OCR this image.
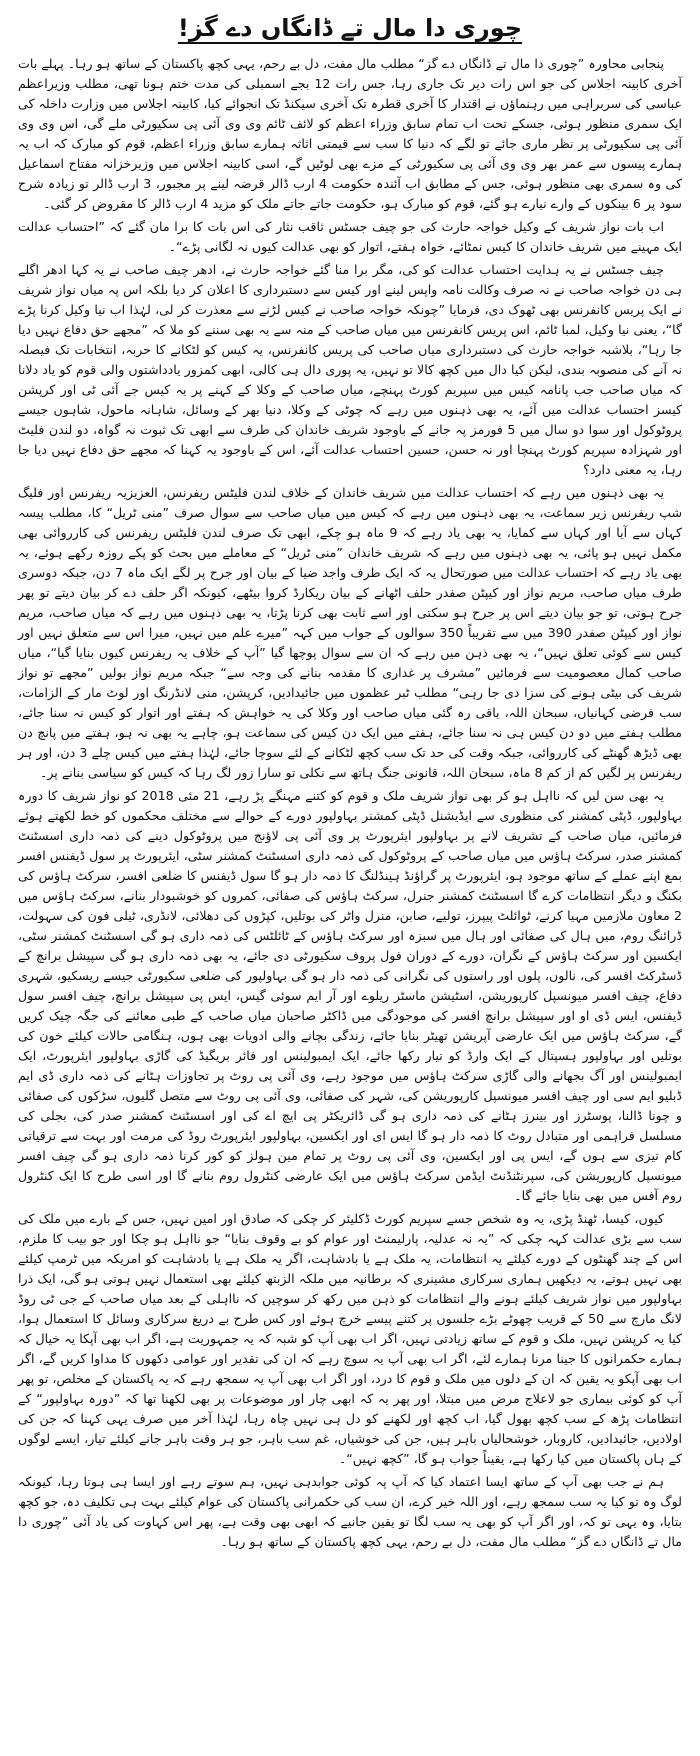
چوری دا مال تے ڈانگاں دے گز!

پنجابی محاورہ ”چوری دا مال تے ڈانگاں دے گز“ مطلب مال مفت، دل بے رحم، یہی کچھ پاکستان کے ساتھ ہو رہا۔ پہلے بات آخری کابینہ اجلاس کی جو اس رات دیر تک جاری رہا، جس رات 12 بجے اسمبلی کی مدت ختم ہونا تھی، مطلب وزیراعظم عباسی کی سربراہی میں رہنماؤں نے اقتدار کا آخری قطرہ تک آخری سیکنڈ تک انجوائے کیا، کابینہ اجلاس میں وزارت داخلہ کی ایک سمری منظور ہوئی، جسکے تحت اب تمام سابق وزراء اعظم کو لائف ٹائم وی وی آئی پی سکیورٹی ملے گی، اس وی وی آئی پی سکیورٹی پر نظر ماری جائے تو لگے کہ دنیا کا سب سے قیمتی اثاثہ ہمارے سابق وزراء اعظم، قوم کو مبارک کہ اب یہ ہمارے پیسوں سے عمر بھر وی وی آئی پی سکیورٹی کے مزے بھی لوٹیں گے، اسی کابینہ اجلاس میں وزیرخزانہ مفتاح اسماعیل کی وہ سمری بھی منظور ہوئی، جس کے مطابق اب آئندہ حکومت 4 ارب ڈالر قرضہ لینے پر مجبور، 3 ارب ڈالر تو زیادہ شرح سود پر 6 بینکوں کے وارے نیارے ہو گئے، قوم کو مبارک ہو، حکومت جاتے جاتے ملک کو مزید 4 ارب ڈالر کا مقروض کر گئی۔

اب بات نواز شریف کے وکیل خواجہ حارث کی جو چیف جسٹس ثاقب نثار کی اس بات کا برا مان گئے کہ ”احتساب عدالت ایک مہینے میں شریف خاندان کا کیس نمٹائے، خواہ ہفتے، اتوار کو بھی عدالت کیوں نہ لگانی پڑے“۔

چیف جسٹس نے یہ ہدایت احتساب عدالت کو کی، مگر برا منا گئے خواجہ حارث نے، ادھر چیف صاحب نے یہ کہا ادھر اگلے ہی دن خواجہ صاحب نے نہ صرف وکالت نامہ واپس لینے اور کیس سے دستبرداری کا اعلان کر دیا بلکہ اس پہ میاں نواز شریف نے ایک پریس کانفرنس بھی ٹھوک دی، فرمایا ”چونکہ خواجہ صاحب نے کیس لڑنے سے معذرت کر لی، لہٰذا اب نیا وکیل کرنا پڑے گا“، یعنی نیا وکیل، لمبا ٹائم، اس پریس کانفرنس میں میاں صاحب کے منہ سے یہ بھی سننے کو ملا کہ ”مجھے حق دفاع نہیں دیا جا رہا“، بلاشبہ خواجہ حارث کی دستبرداری میاں صاحب کی پریس کانفرنس، یہ کیس کو لٹکانے کا حربہ، انتخابات تک فیصلہ نہ آنے کی منصوبہ بندی، لیکن کیا دال میں کچھ کالا تو نہیں، یہ پوری دال ہی کالی، ابھی کمزور یادداشتوں والی قوم کو یاد دلانا کہ میاں صاحب جب پانامہ کیس میں سپریم کورٹ پہنچے، میاں صاحب کے وکلا کے کہنے پر یہ کیس جے آئی ٹی اور کرپشن کیسز احتساب عدالت میں آئے، یہ بھی ذہنوں میں رہے کہ چوٹی کے وکلا، دنیا بھر کے وسائل، شاہانہ ماحول، شاہوں جیسے پروٹوکول اور سوا دو سال میں 5 فورمز پہ جانے کے باوجود شریف خاندان کی طرف سے ابھی تک ثبوت نہ گواہ، دو لندن فلیٹ اور شہزادہ سپریم کورٹ پہنچا اور نہ حسن، حسین احتساب عدالت آئے، اس کے باوجود یہ کہنا کہ مجھے حق دفاع نہیں دیا جا رہا، یہ معنی دارد؟

یہ بھی ذہنوں میں رہے کہ احتساب عدالت میں شریف خاندان کے خلاف لندن فلیٹس ریفرنس، العزیزیہ ریفرنس اور فلیگ شپ ریفرنس زیر سماعت، یہ بھی ذہنوں میں رہے کہ کیس میں میاں صاحب سے سوال صرف ”منی ٹریل“ کا، مطلب پیسہ کہاں سے آیا اور کہاں سے کمایا، یہ بھی یاد رہے کہ 9 ماہ ہو چکے، ابھی تک صرف لندن فلیٹس ریفرنس کی کارروائی بھی مکمل نہیں ہو پائی، یہ بھی ذہنوں میں رہے کہ شریف خاندان ”منی ٹریل“ کے معاملے میں بحث کو پکے روزہ رکھے ہوئے، یہ بھی یاد رہے کہ احتساب عدالت میں صورتحال یہ کہ ایک طرف واجد ضیا کے بیان اور جرح پر لگے ایک ماہ 7 دن، جبکہ دوسری طرف میاں صاحب، مریم نواز اور کیپٹن صفدر حلف اٹھانے کے بیان ریکارڈ کروا بیٹھے، کیونکہ اگر حلف دے کر بیان دیتے تو پھر جرح ہوتی، تو جو بیان دیتے اس پر جرح ہو سکتی اور اسے ثابت بھی کرنا پڑتا، یہ بھی ذہنوں میں رہے کہ میاں صاحب، مریم نواز اور کیپٹن صفدر 390 میں سے تقریباً 350 سوالوں کے جواب میں کہہ ”میرے علم میں نہیں، میرا اس سے متعلق نہیں اور کیس سے کوئی تعلق نہیں“، یہ بھی ذہن میں رہے کہ ان سے سوال پوچھا گیا ”آپ کے خلاف یہ ریفرنس کیوں بنایا گیا“، میاں صاحب کمال معصومیت سے فرمائیں ”مشرف پر غداری کا مقدمہ بنانے کی وجہ سے“ جبکہ مریم نواز بولیں ”مجھے تو نواز شریف کی بیٹی ہونے کی سزا دی جا رہی“ مطلب ٹبر عظموں میں جائیدادیں، کرپشن، منی لانڈرنگ اور لوٹ مار کے الزامات، سب فرضی کہانیاں، سبحان اللہ، باقی رہ گئی میاں صاحب اور وکلا کی یہ خواہش کہ ہفتے اور اتوار کو کیس نہ سنا جائے، مطلب ہفتے میں دو دن کیس ہی نہ سنا جائے، ہفتے میں ایک دن کیس کی سماعت ہو، چاہے یہ بھی نہ ہو، ہفتے میں پانچ دن بھی ڈیڑھ گھنٹے کی کارروائی، جبکہ وقت کی حد تک سب کچھ لٹکانے کے لئے سوچا جائے، لہٰذا ہفتے میں کیس چلے 3 دن، اور ہر ریفرنس پر لگیں کم از کم 8 ماہ، سبحان اللہ، قانونی جنگ ہاتھ سے نکلی تو سارا زور لگ رہا کہ کیس کو سیاسی بنانے پر۔

یہ بھی سن لیں کہ نااہل ہو کر بھی نواز شریف ملک و قوم کو کتنے مہنگے پڑ رہے، 21 مئی 2018 کو نواز شریف کا دورہ بہاولپور، ڈپٹی کمشنر کی منظوری سے ایڈیشنل ڈپٹی کمشنر بہاولپور دورے کے حوالے سے مختلف محکموں کو خط لکھتے ہوئے فرمائیں، میاں صاحب کے تشریف لانے پر بہاولپور ایئرپورٹ پر وی آئی پی لاؤنج میں پروٹوکول دینے کی ذمہ داری اسسٹنٹ کمشنر صدر، سرکٹ ہاؤس میں میاں صاحب کے پروٹوکول کی ذمہ داری اسسٹنٹ کمشنر سٹی، ایئرپورٹ پر سول ڈیفنس افسر بمع اپنے عملے کے ساتھ موجود ہو، ایئرپورٹ پر گراؤنڈ ہینڈلنگ کا ذمہ دار ہو گا سول ڈیفنس کا ضلعی افسر، سرکٹ ہاؤس کی بکنگ و دیگر انتظامات کرے گا اسسٹنٹ کمشنر جنرل، سرکٹ ہاؤس کی صفائی، کمروں کو خوشبودار بنانے، سرکٹ ہاؤس میں 2 معاون ملازمین مہیا کرنے، ٹوائلٹ پیپرز، تولیے، صابن، منرل واٹر کی بوتلیں، کپڑوں کی دھلائی، لانڈری، ٹیلی فون کی سہولت، ڈرائنگ روم، میں ہال کی صفائی اور ہال میں سبزہ اور سرکٹ ہاؤس کے ٹائلٹس کی ذمہ داری ہو گی اسسٹنٹ کمشنر سٹی، ایکسین اور سرکٹ ہاؤس کے نگران، دورے کے دوران فول پروف سکیورٹی دی جائے، یہ بھی ذمہ داری ہو گی سپیشل برانچ کے ڈسٹرکٹ افسر کی، نالوں، پلوں اور راستوں کی نگرانی کی ذمہ دار ہو گی بہاولپور کی ضلعی سکیورٹی جیسے ریسکیو، شہری دفاع، چیف افسر میونسپل کارپوریشن، اسٹیشن ماسٹر ریلوے اور آر ایم سوئی گیس، ایس پی سپیشل برانچ، چیف افسر سول ڈیفنس، ایس ڈی او اور سپیشل برانچ افسر کی موجودگی میں ڈاکٹر صاحبان میاں صاحب کے طبی معائنے کی جگہ چیک کریں گے، سرکٹ ہاؤس میں ایک عارضی آپریشن تھیٹر بنایا جائے، زندگی بچانے والی ادویات بھی ہوں، ہنگامی حالات کیلئے خون کی بوتلیں اور بہاولپور ہسپتال کے ایک وارڈ کو تیار رکھا جائے، ایک ایمبولینس اور فائر بریگیڈ کی گاڑی بہاولپور ایئرپورٹ، ایک ایمبولینس اور آگ بجھانے والی گاڑی سرکٹ ہاؤس میں موجود رہے، وی آئی پی روٹ پر تجاوزات ہٹانے کی ذمہ داری ڈی ایم ڈبلیو ایم سی اور چیف افسر میونسپل کارپوریشن کی، شہر کی صفائی، وی آئی پی روٹ سے متصل گلیوں، سڑکوں کی صفائی و چونا ڈالنا، پوسٹرز اور بینرز ہٹانے کی ذمہ داری ہو گی ڈائریکٹر پی ایچ اے کی اور اسسٹنٹ کمشنر صدر کی، بجلی کی مسلسل فراہمی اور متبادل روٹ کا ذمہ دار ہو گا ایس ای اور ایکسین، بہاولپور ایئرپورٹ روڈ کی مرمت اور بہت سے ترقیاتی کام تیزی سے ہوں گے، ایس پی اور ایکسین، وی آئی پی روٹ پر تمام مین ہولز کو کور کرنا ذمہ داری ہو گی چیف افسر میونسپل کارپوریشن کی، سپرنٹنڈنٹ ایڈمن سرکٹ ہاؤس میں ایک عارضی کنٹرول روم بنانے گا اور اسی طرح کا ایک کنٹرول روم آفس میں بھی بنایا جائے گا۔

کیوں، کیسا، ٹھنڈ پڑی، یہ وہ شخص جسے سپریم کورٹ ڈکلیئر کر چکی کہ صادق اور امین نہیں، جس کے بارے میں ملک کی سب سے بڑی عدالت کہہ چکی کہ ”یہ نہ عدلیہ، پارلیمنٹ اور عوام کو بے وقوف بنایا“ جو نااہل ہو چکا اور جو بیب کا ملزم، اس کے چند گھنٹوں کے دورے کیلئے یہ انتظامات، یہ ملک ہے یا بادشاہت، اگر یہ ملک ہے یا بادشاہت کو امریکہ میں ٹرمپ کیلئے بھی نہیں ہوتے، یہ دیکھیں ہماری سرکاری مشینری کہ برطانیہ میں ملکہ الزبتھ کیلئے بھی استعمال نہیں ہوتی ہو گی، ایک ذرا بہاولپور میں نواز شریف کیلئے ہونے والے انتظامات کو ذہن میں رکھ کر سوچیں کہ نااہلی کے بعد میاں صاحب کے جی ٹی روڈ لانگ مارچ سے 50 کے قریب چھوٹے بڑے جلسوں پر کتنے پیسے خرچ ہوئے اور کس طرح بے دریغ سرکاری وسائل کا استعمال ہوا، کیا یہ کرپشن نہیں، ملک و قوم کے ساتھ زیادتی نہیں، اگر اب بھی آپ کو شبہ کہ یہ جمہوریت ہے، اگر اب بھی آپکا یہ خیال کہ ہمارے حکمرانوں کا جینا مرنا ہمارے لئے، اگر اب بھی آپ یہ سوچ رہے کہ ان کی تقدیر اور عوامی دکھوں کا مداوا کریں گے، اگر اب بھی آپکو یہ یقین کہ ان کے دلوں میں ملک و قوم کا درد، اور اگر اب بھی آپ یہ سمجھ رہے کہ یہ پاکستان کے مخلص، تو پھر آپ کو کوئی بیماری جو لاعلاج مرض میں مبتلا، اور پھر یہ کہ ابھی چار اور موضوعات پر بھی لکھنا تھا کہ ”دورہ بہاولپور“ کے انتظامات پڑھ کے سب کچھ بھول گیا، اب کچھ اور لکھنے کو دل ہی نہیں چاہ رہا، لہٰذا آخر میں صرف یہی کہنا کہ جن کی اولادیں، جائیدادیں، کاروبار، خوشحالیاں باہر ہیں، جن کی خوشیاں، غم سب باہر، جو ہر وقت باہر جانے کیلئے تیار، ایسے لوگوں کے ہاں پاکستان میں کیا رکھا ہے، یقیناً جواب ہو گا، ”کچھ نہیں“۔

ہم نے جب بھی آپ کے ساتھ ایسا اعتماد کیا کہ آپ پہ کوئی جوابدہی نہیں، ہم سوتے رہے اور ایسا ہی ہوتا رہا، کیونکہ لوگ وہ تو کیا یہ سب سمجھ رہے، اور اللہ خیر کرے، ان سب کی حکمرانی پاکستان کی عوام کیلئے بہت ہی تکلیف دہ، جو کچھ بتایا، وہ یہی تو کہ، اور اگر آپ کو بھی یہ سب لگا تو یقین جانیے کہ ابھی بھی وقت ہے، پھر اس کہاوت کی یاد آئی ”چوری دا مال تے ڈانگاں دے گز“ مطلب مال مفت، دل بے رحم، یہی کچھ پاکستان کے ساتھ ہو رہا۔
